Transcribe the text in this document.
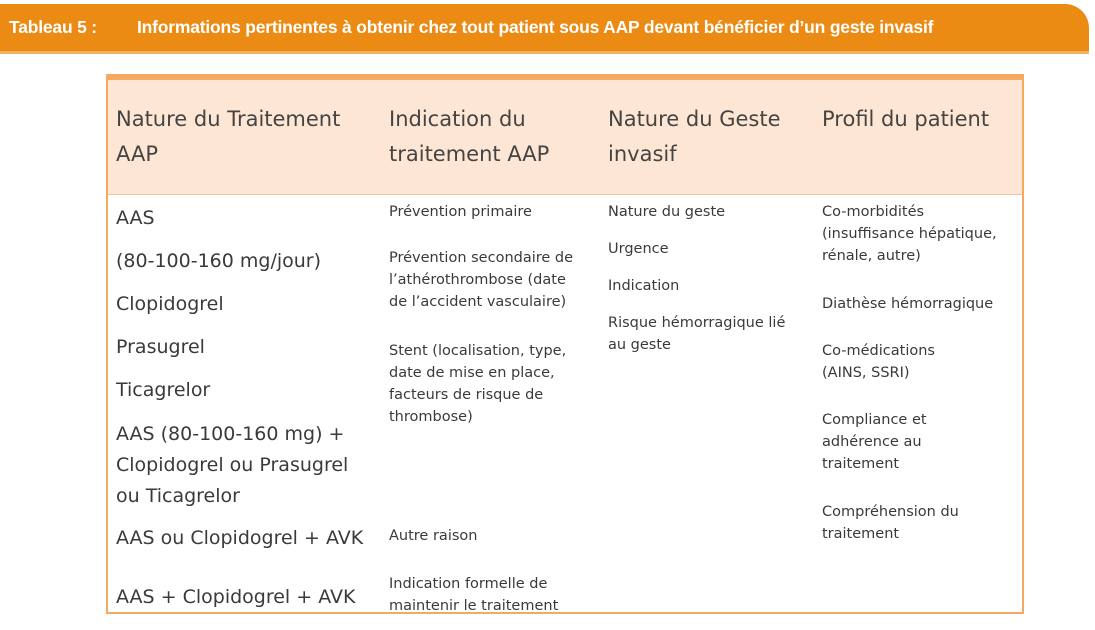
Tableau 5 :	Informations pertinentes à obtenir chez tout patient sous AAP devant bénéficier d’un geste invasif
Nature du Traitement
AAP
Indication du
traitement AAP
Nature du Geste
invasif
Profil du patient
AAS
(80-100-160 mg/jour)
Clopidogrel
Prasugrel
Ticagrelor
AAS (80-100-160 mg) +
Clopidogrel ou Prasugrel
ou Ticagrelor
AAS ou Clopidogrel + AVK
AAS + Clopidogrel + AVK
Prévention primaire
Prévention secondaire de
l’athérothrombose (date
de l’accident vasculaire)
Stent (localisation, type,
date de mise en place,
facteurs de risque de
thrombose)
Autre raison
Indication formelle de
maintenir le traitement
Nature du geste
Urgence
Indication
Risque hémorragique lié
au geste
Co-morbidités
(insuffisance hépatique,
rénale, autre)
Diathèse hémorragique
Co-médications
(AINS, SSRI)
Compliance et
adhérence au
traitement
Compréhension du
traitement
